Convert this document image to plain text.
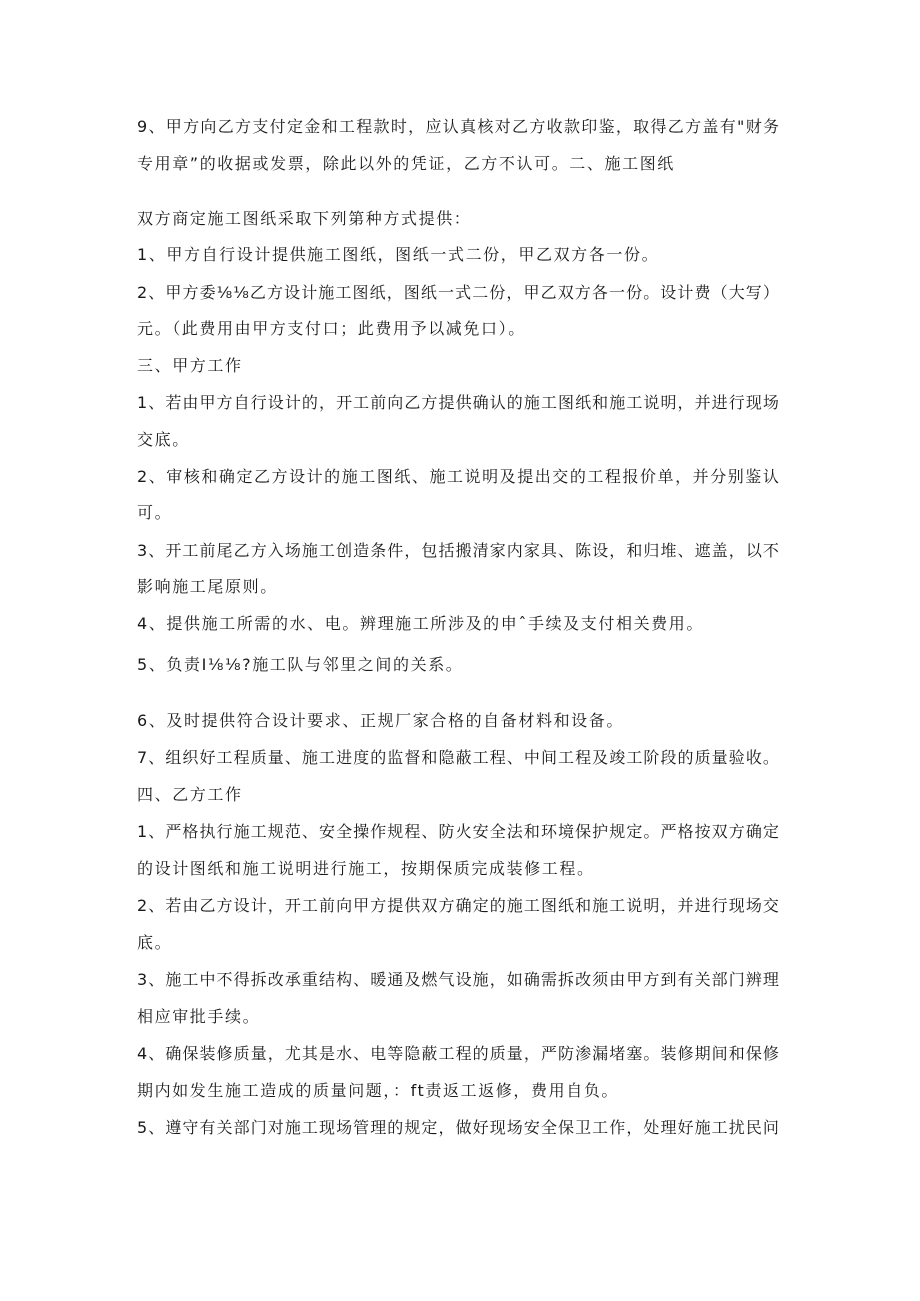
9、甲方向乙方支付定金和工程款时，应认真核对乙方收款印鉴，取得乙方盖有"财务
专用章”的收据或发票，除此以外的凭证，乙方不认可。二、施工图纸
双方商定施工图纸采取下列第种方式提供：
1、甲方自行设计提供施工图纸，图纸一式二份，甲乙双方各一份。
2、甲方委⅛⅛乙方设计施工图纸，图纸一式二份，甲乙双方各一份。设计费（大写）
元。（此费用由甲方支付口；此费用予以减免口）。
三、甲方工作
1、若由甲方自行设计的，开工前向乙方提供确认的施工图纸和施工说明，并进行现场
交底。
2、审核和确定乙方设计的施工图纸、施工说明及提出交的工程报价单，并分别鉴认
可。
3、开工前尾乙方入场施工创造条件，包括搬清家内家具、陈设，和归堆、遮盖，以不
影响施工尾原则。
4、提供施工所需的水、电。辨理施工所涉及的申ˆ手续及支付相关费用。
5、负责I⅛⅛?施工队与邻里之间的关系。
6、及时提供符合设计要求、正规厂家合格的自备材料和设备。
7、组织好工程质量、施工进度的监督和隐蔽工程、中间工程及竣工阶段的质量验收。
四、乙方工作
1、严格执行施工规范、安全操作规程、防火安全法和环境保护规定。严格按双方确定
的设计图纸和施工说明进行施工，按期保质完成装修工程。
2、若由乙方设计，开工前向甲方提供双方确定的施工图纸和施工说明，并进行现场交
底。
3、施工中不得拆改承重结构、暖通及燃气设施，如确需拆改须由甲方到有关部门辨理
相应审批手续。
4、确保装修质量，尤其是水、电等隐蔽工程的质量，严防渗漏堵塞。装修期间和保修
期内如发生施工造成的质量问题，：ft责返工返修，费用自负。
5、遵守有关部门对施工现场管理的规定，做好现场安全保卫工作，处理好施工扰民问
